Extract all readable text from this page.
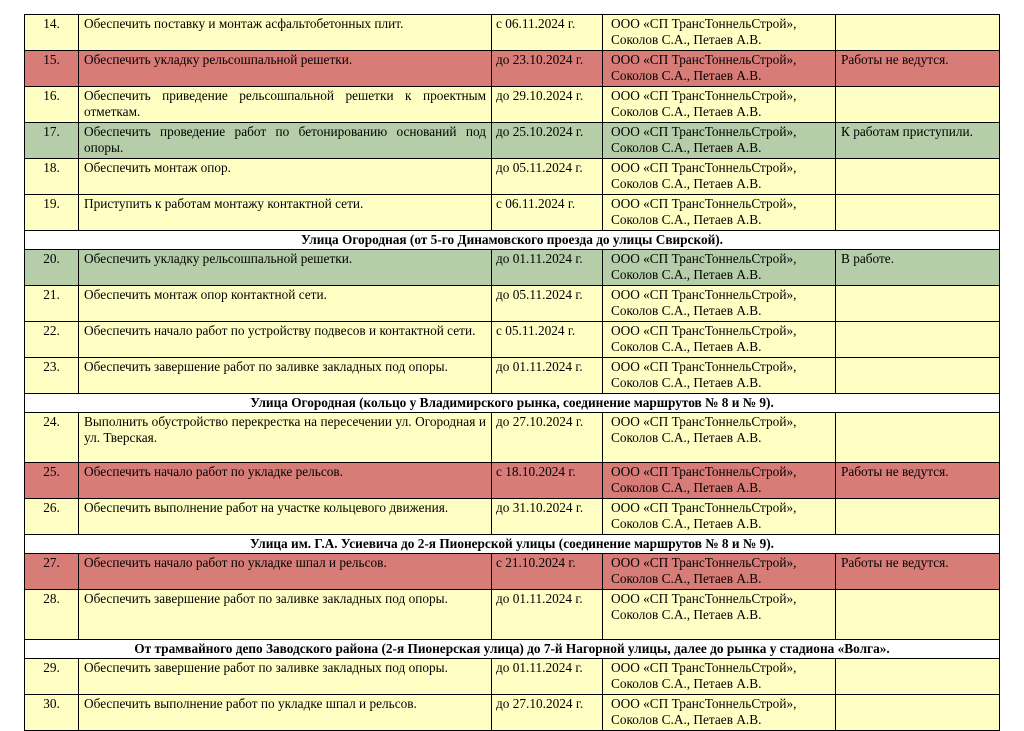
14.	Обеспечить поставку и монтаж асфальтобетонных плит.	с 06.11.2024 г.	ООО «СП ТрансТоннельСтрой»,
Соколов С.А., Петаев А.В.	

15.	Обеспечить укладку рельсошпальной решетки.	до 23.10.2024 г.	ООО «СП ТрансТоннельСтрой»,
Соколов С.А., Петаев А.В.	Работы не ведутся.
16.	Обеспечить приведение рельсошпальной решетки к проектным отметкам.	до 29.10.2024 г.	ООО «СП ТрансТоннельСтрой»,
Соколов С.А., Петаев А.В.	

17.	Обеспечить проведение работ по бетонированию оснований под опоры.	до 25.10.2024 г.	ООО «СП ТрансТоннельСтрой»,
Соколов С.А., Петаев А.В.	К работам приступили.
18.	Обеспечить монтаж опор.	до 05.11.2024 г.	ООО «СП ТрансТоннельСтрой»,
Соколов С.А., Петаев А.В.	

19.	Приступить к работам монтажу контактной сети.	с 06.11.2024 г.	ООО «СП ТрансТоннельСтрой»,
Соколов С.А., Петаев А.В.	

Улица Огородная (от 5-го Динамовского проезда до улицы Свирской).				
20.	Обеспечить укладку рельсошпальной решетки.	до 01.11.2024 г.	ООО «СП ТрансТоннельСтрой»,
Соколов С.А., Петаев А.В.	В работе.
21.	Обеспечить монтаж опор контактной сети.	до 05.11.2024 г.	ООО «СП ТрансТоннельСтрой»,
Соколов С.А., Петаев А.В.	

22.	Обеспечить начало работ по устройству подвесов и контактной сети.	с 05.11.2024 г.	ООО «СП ТрансТоннельСтрой»,
Соколов С.А., Петаев А.В.	

23.	Обеспечить завершение работ по заливке закладных под опоры.	до 01.11.2024 г.	ООО «СП ТрансТоннельСтрой»,
Соколов С.А., Петаев А.В.	

Улица Огородная (кольцо у Владимирского рынка, соединение маршрутов № 8 и № 9).				
24.	Выполнить обустройство перекрестка на пересечении ул. Огородная и ул. Тверская.	до 27.10.2024 г.	ООО «СП ТрансТоннельСтрой»,
Соколов С.А., Петаев А.В.	

25.	Обеспечить начало работ по укладке рельсов.	с 18.10.2024 г.	ООО «СП ТрансТоннельСтрой»,
Соколов С.А., Петаев А.В.	Работы не ведутся.
26.	Обеспечить выполнение работ на участке кольцевого движения.	до 31.10.2024 г.	ООО «СП ТрансТоннельСтрой»,
Соколов С.А., Петаев А.В.	

Улица им. Г.А. Усиевича до 2-я Пионерской улицы (соединение маршрутов № 8 и № 9).				
27.	Обеспечить начало работ по укладке шпал и рельсов.	с 21.10.2024 г.	ООО «СП ТрансТоннельСтрой»,
Соколов С.А., Петаев А.В.	Работы не ведутся.
28.	Обеспечить завершение работ по заливке закладных под опоры.	до 01.11.2024 г.	ООО «СП ТрансТоннельСтрой»,
Соколов С.А., Петаев А.В.	

От трамвайного депо Заводского района (2-я Пионерская улица) до 7-й Нагорной улицы, далее до рынка у стадиона «Волга».				
29.	Обеспечить завершение работ по заливке закладных под опоры.	до 01.11.2024 г.	ООО «СП ТрансТоннельСтрой»,
Соколов С.А., Петаев А.В.	

30.	Обеспечить выполнение работ по укладке шпал и рельсов.	до 27.10.2024 г.	ООО «СП ТрансТоннельСтрой»,
Соколов С.А., Петаев А.В.	
